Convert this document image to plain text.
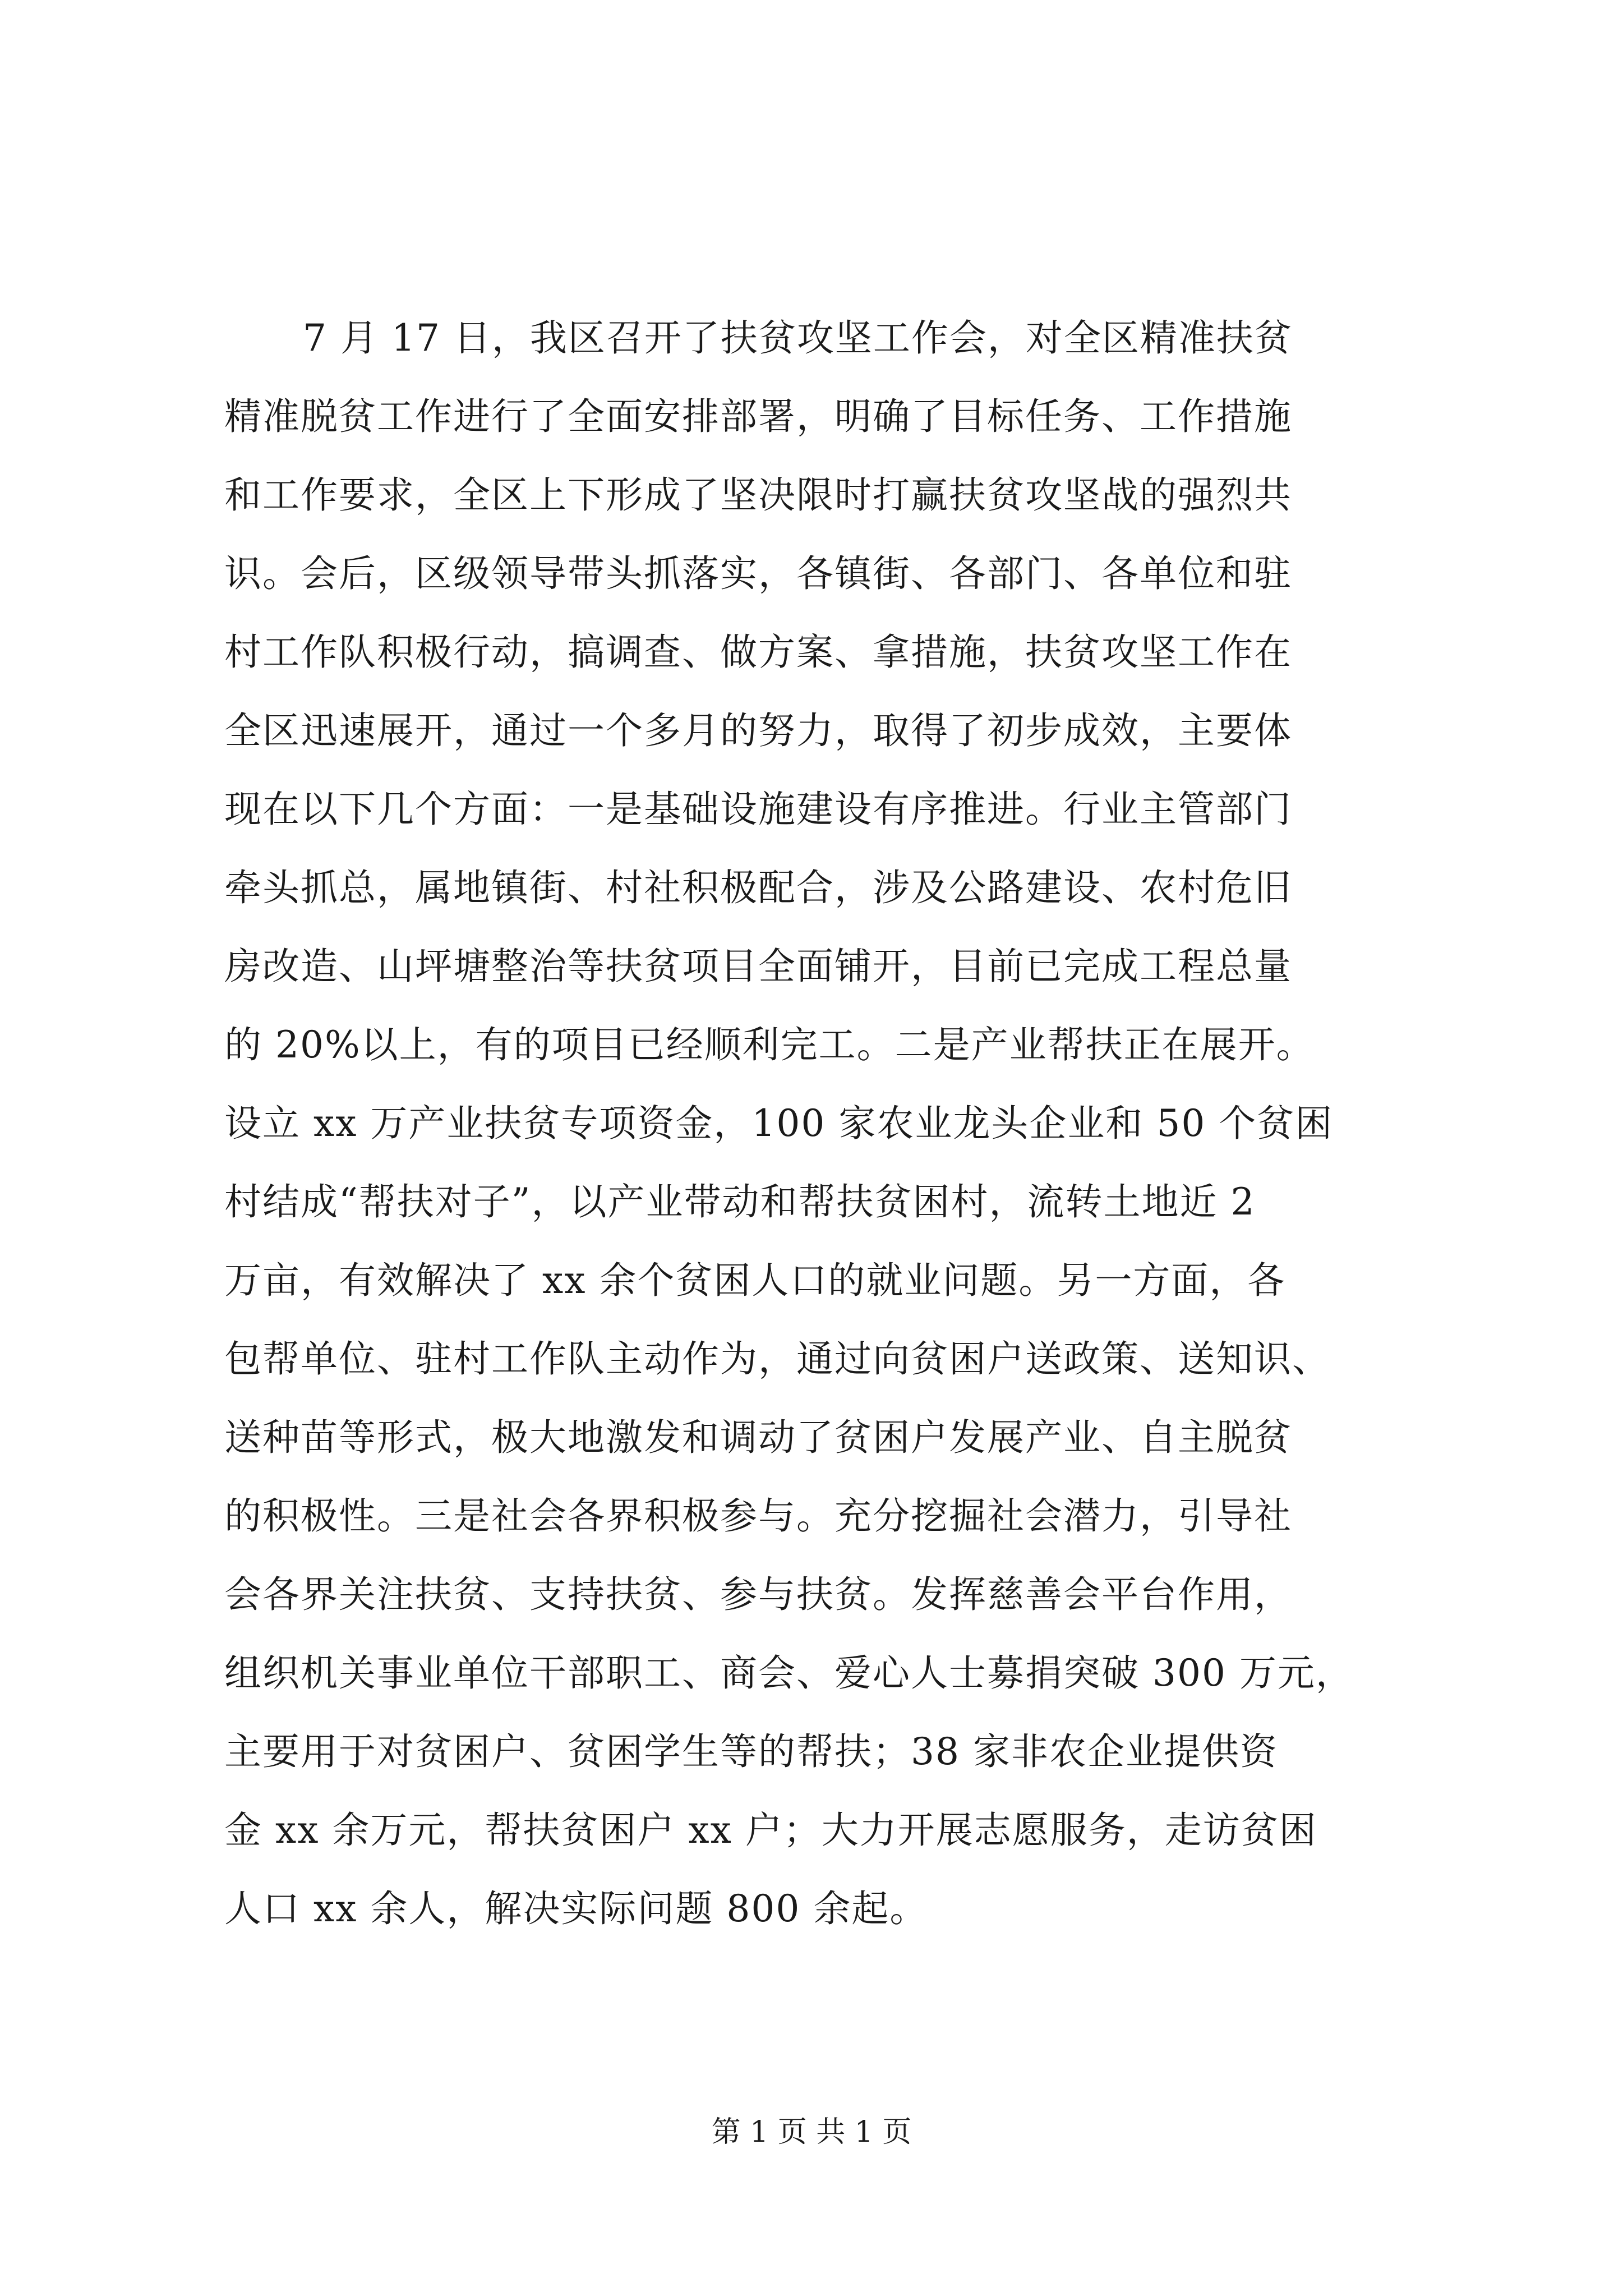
7 月 17 日，我区召开了扶贫攻坚工作会，对全区精准扶贫
精准脱贫工作进行了全面安排部署，明确了目标任务、工作措施
和工作要求，全区上下形成了坚决限时打赢扶贫攻坚战的强烈共
识。会后，区级领导带头抓落实，各镇街、各部门、各单位和驻
村工作队积极行动，搞调查、做方案、拿措施，扶贫攻坚工作在
全区迅速展开，通过一个多月的努力，取得了初步成效，主要体
现在以下几个方面：一是基础设施建设有序推进。行业主管部门
牵头抓总，属地镇街、村社积极配合，涉及公路建设、农村危旧
房改造、山坪塘整治等扶贫项目全面铺开，目前已完成工程总量
的 20%以上，有的项目已经顺利完工。二是产业帮扶正在展开。
设立 xx 万产业扶贫专项资金，100 家农业龙头企业和 50 个贫困
村结成“帮扶对子”，以产业带动和帮扶贫困村，流转土地近 2
万亩，有效解决了 xx 余个贫困人口的就业问题。另一方面，各
包帮单位、驻村工作队主动作为，通过向贫困户送政策、送知识、
送种苗等形式，极大地激发和调动了贫困户发展产业、自主脱贫
的积极性。三是社会各界积极参与。充分挖掘社会潜力，引导社
会各界关注扶贫、支持扶贫、参与扶贫。发挥慈善会平台作用，
组织机关事业单位干部职工、商会、爱心人士募捐突破 300 万元，
主要用于对贫困户、贫困学生等的帮扶；38 家非农企业提供资
金 xx 余万元，帮扶贫困户 xx 户；大力开展志愿服务，走访贫困
人口 xx 余人，解决实际问题 800 余起。
第 1 页 共 1 页
